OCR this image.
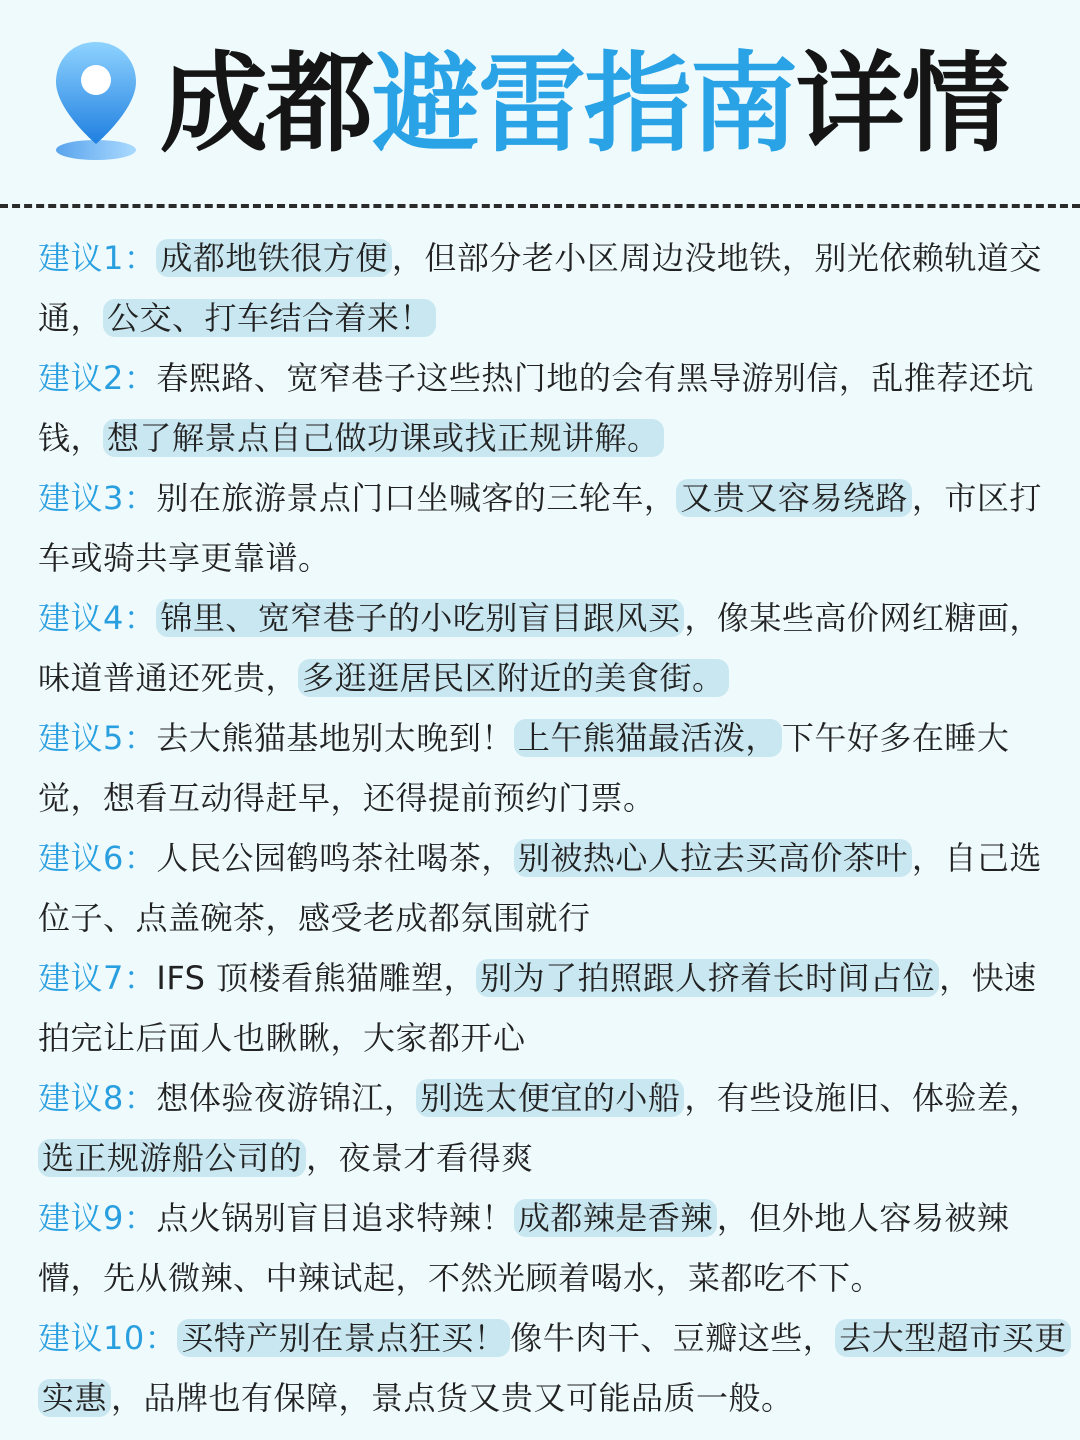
成都避雷指南详情

建议1： 成都地铁很方便 ，但部分老小区周边没地铁，别光依赖轨道交通， 公交、打车结合着来！

建议2：春熙路、宽窄巷子这些热门地的会有黑导游别信，乱推荐还坑钱， 想了解景点自己做功课或找正规讲解。

建议3：别在旅游景点门口坐喊客的三轮车， 又贵又容易绕路 ，市区打车或骑共享更靠谱。

建议4： 锦里、宽窄巷子的小吃别盲目跟风买 ，像某些高价网红糖画，味道普通还死贵， 多逛逛居民区附近的美食街。

建议5：去大熊猫基地别太晚到！ 上午熊猫最活泼， 下午好多在睡大觉，想看互动得赶早，还得提前预约门票。

建议6：人民公园鹤鸣茶社喝茶， 别被热心人拉去买高价茶叶 ，自己选位子、点盖碗茶，感受老成都氛围就行

建议7：IFS 顶楼看熊猫雕塑， 别为了拍照跟人挤着长时间占位 ，快速拍完让后面人也瞅瞅，大家都开心

建议8：想体验夜游锦江， 别选太便宜的小船 ，有些设施旧、体验差，选正规游船公司的 ，夜景才看得爽

建议9：点火锅别盲目追求特辣！ 成都辣是香辣 ，但外地人容易被辣懵，先从微辣、中辣试起，不然光顾着喝水，菜都吃不下。

建议10： 买特产别在景点狂买！ 像牛肉干、豆瓣这些， 去大型超市买更实惠 ，品牌也有保障，景点货又贵又可能品质一般。
